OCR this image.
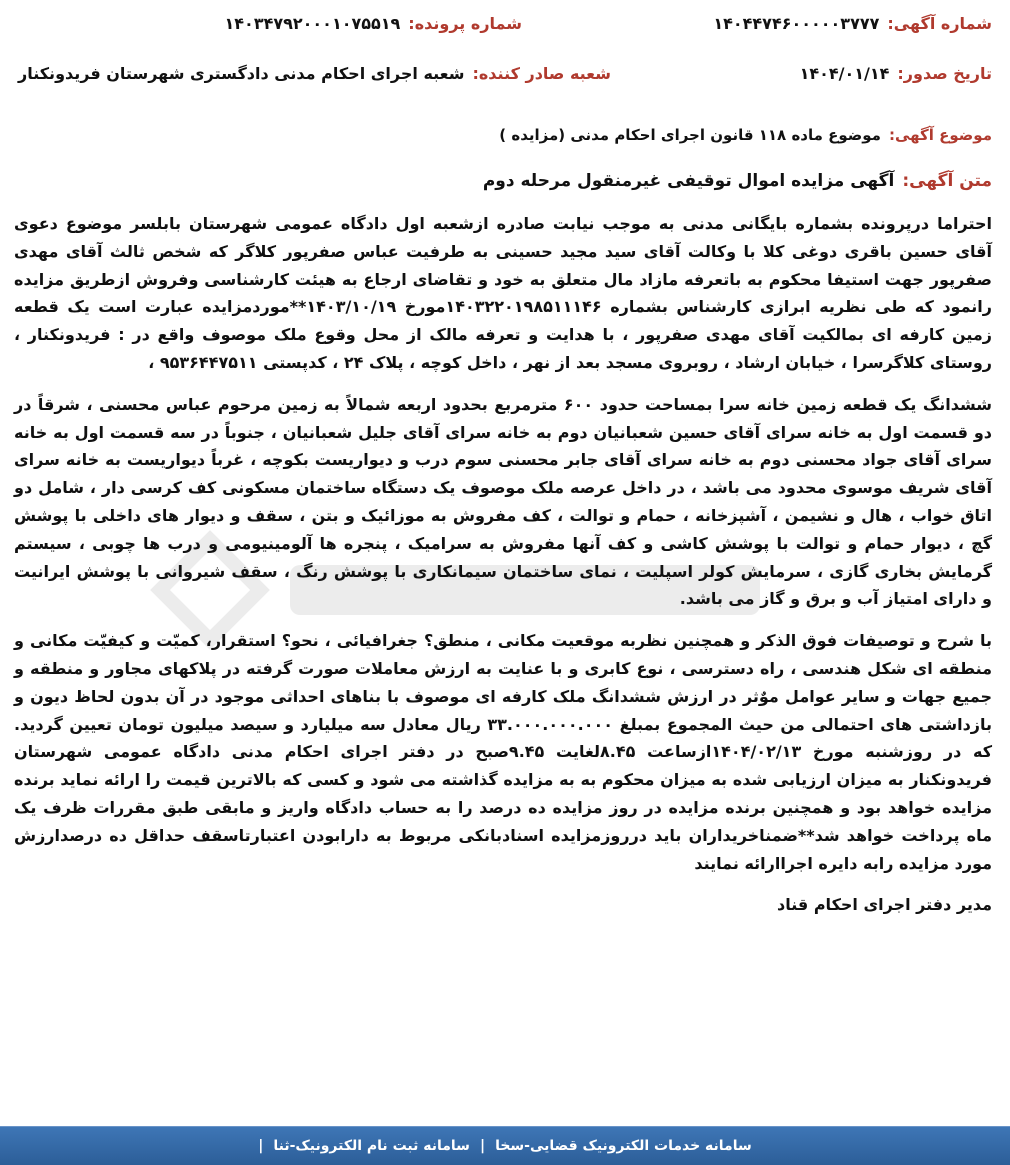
شماره آگهی:
۱۴۰۴۴۷۴۶۰۰۰۰۰۳۷۷۷
شماره پرونده:
۱۴۰۳۴۷۹۲۰۰۰۱۰۷۵۵۱۹
تاریخ صدور:
۱۴۰۴/۰۱/۱۴
شعبه صادر کننده:
شعبه اجرای احکام مدنی دادگستری شهرستان فریدونکنار
موضوع آگهی:
موضوع ماده ۱۱۸ قانون اجرای احکام مدنی (مزایده )
متن آگهی:
آگهی مزایده اموال توقیفی غیرمنقول مرحله دوم

احتراما درپرونده بشماره بایگانی مدنی به موجب نیابت صادره ازشعبه اول دادگاه عمومی شهرستان بابلسر موضوع دعوی آقای حسین باقری دوغی کلا با وکالت آقای سید مجید حسینی به طرفیت عباس صفرپور کلاگر که شخص ثالث آقای مهدی صفرپور جهت استیفا محکوم به باتعرفه مازاد مال متعلق به خود و تقاضای ارجاع به هیئت کارشناسی وفروش ازطریق مزایده رانمود که طی نظریه ابرازی کارشناس بشماره ۱۴۰۳۲۲۰۱۹۸۵۱۱۱۴۶مورخ ۱۴۰۳/۱۰/۱۹**موردمزایده عبارت است یک قطعه زمین کارفه ای بمالکیت آقای مهدی صفرپور ، با هدایت و تعرفه مالک از محل وقوع ملک موصوف واقع در : فریدونکنار ، روستای کلاگرسرا ، خیابان ارشاد ، روبروی مسجد بعد از نهر ، داخل کوچه ، پلاک ۲۴ ، کدپستی ۹۵۳۶۴۴۷۵۱۱ ،

ششدانگ یک قطعه زمین خانه سرا بمساحت حدود ۶۰۰ مترمربع بحدود اربعه شمالاً به زمین مرحوم عباس محسنی ، شرقاً در دو قسمت اول به خانه سرای آقای حسین شعبانیان دوم به خانه سرای آقای جلیل شعبانیان ، جنوباً در سه قسمت اول به خانه سرای آقای جواد محسنی دوم به خانه سرای آقای جابر محسنی سوم درب و دیواریست بکوچه ، غرباً دیواریست به خانه سرای آقای شریف موسوی محدود می باشد ، در داخل عرصه ملک موصوف یک دستگاه ساختمان مسکونی کف کرسی دار ، شامل دو اتاق خواب ، هال و نشیمن ، آشپزخانه ، حمام و توالت ، کف مفروش به موزائیک و بتن ، سقف و دیوار های داخلی با پوشش گچ ، دیوار حمام و توالت با پوشش کاشی و کف آنها مفروش به سرامیک ، پنجره ها آلومینیومی و درب ها چوبی ، سیستم گرمایش بخاری گازی ، سرمایش کولر اسپلیت ، نمای ساختمان سیمانکاری با پوشش رنگ ، سقف شیروانی با پوشش ایرانیت و دارای امتیاز آب و برق و گاز می باشد.

با شرح و توصیفات فوق الذکر و همچنین نظربه موقعیت مکانی ، منطق؟ جغرافیائی ، نحو؟ استقرار، کمیّت و کیفیّت مکانی و منطقه ای شکل هندسی ، راه دسترسی ، نوع کابری و با عنایت به ارزش معاملات صورت گرفته در پلاکهای مجاور و منطقه و جمیع جهات و سایر عوامل موٌثر در ارزش ششدانگ ملک کارفه ای موصوف با بناهای احداثی موجود در آن بدون لحاظ دیون و بازداشتی های احتمالی من حیث المجموع بمبلغ ۳۳.۰۰۰.۰۰۰.۰۰۰ ریال معادل سه میلیارد و سیصد میلیون تومان تعیین گردید. که در روزشنبه مورخ ۱۴۰۴/۰۲/۱۳ازساعت ۸.۴۵لغایت ۹.۴۵صبح در دفتر اجرای احکام مدنی دادگاه عمومی شهرستان فریدونکنار به میزان ارزیابی شده به میزان محکوم به به مزایده گذاشته می شود و کسی که بالاترین قیمت را ارائه نماید برنده مزایده خواهد بود و همچنین برنده مزایده در روز مزایده ده درصد را به حساب دادگاه واریز و مابقی طبق مقررات ظرف یک ماه پرداخت خواهد شد**ضمناخریداران باید درروزمزایده اسنادبانکی مربوط به دارابودن اعتبارتاسقف حداقل ده درصدارزش مورد مزایده رابه دایره اجراارائه نمایند

مدیر دفتر اجرای احکام قناد

سامانه خدمات الکترونیک قضایی-سخا
|
سامانه ثبت نام الکترونیک-ثنا
|
